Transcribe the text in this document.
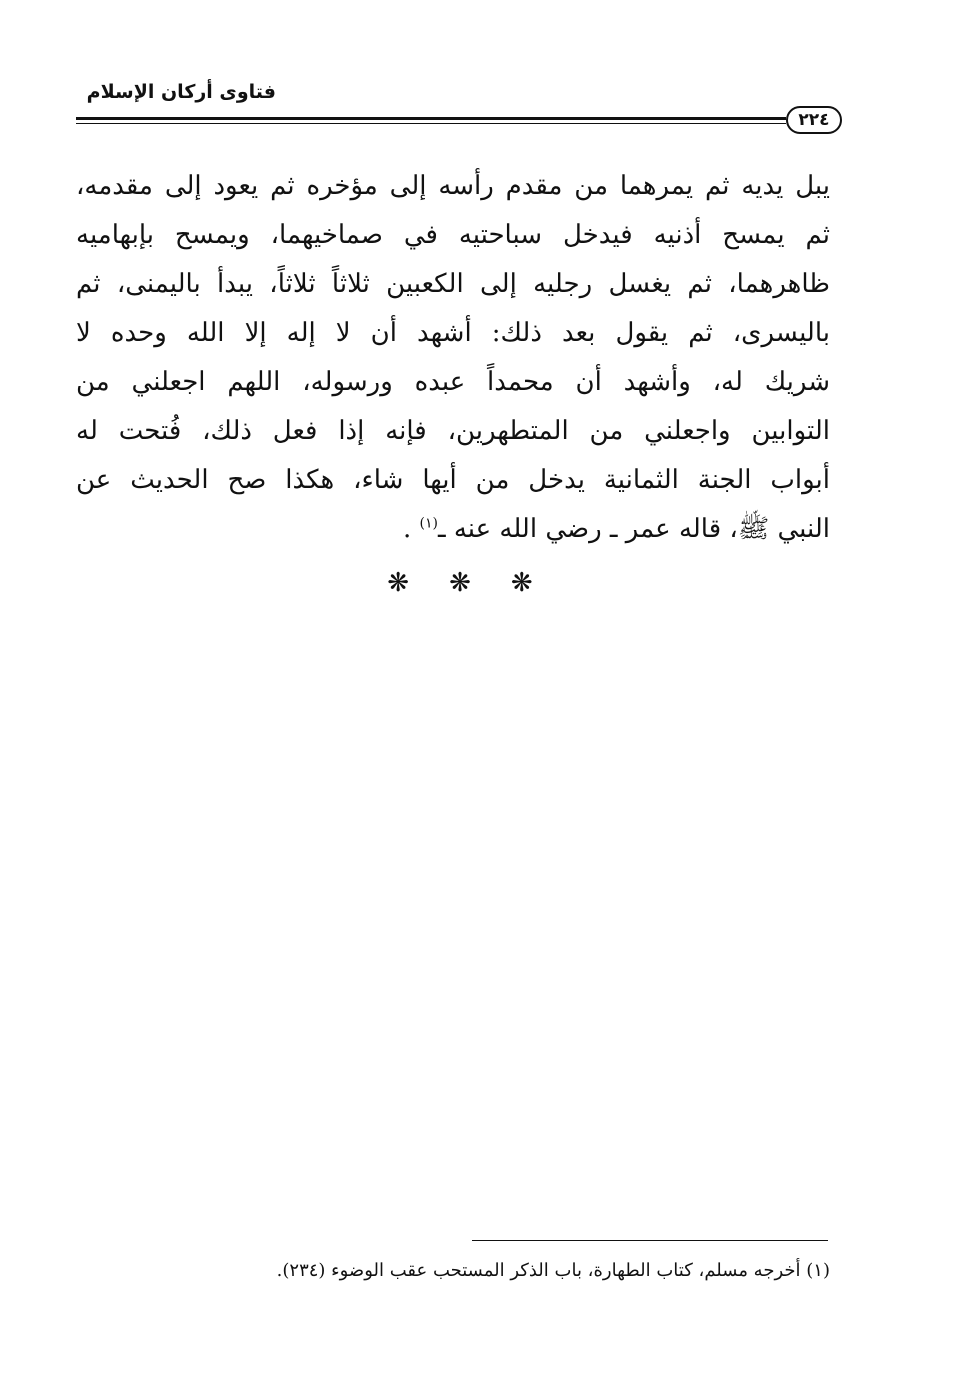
فتاوى أركان الإسلام
٢٢٤
يبل يديه ثم يمرهما من مقدم رأسه إلى مؤخره ثم يعود إلى مقدمه،
ثم يمسح أذنيه فيدخل سباحتيه في صماخيهما، ويمسح بإبهاميه
ظاهرهما، ثم يغسل رجليه إلى الكعبين ثلاثاً ثلاثاً، يبدأ باليمنى، ثم
باليسرى، ثم يقول بعد ذلك: أشهد أن لا إله إلا الله وحده لا
شريك له، وأشهد أن محمداً عبده ورسوله، اللهم اجعلني من
التوابين واجعلني من المتطهرين، فإنه إذا فعل ذلك، فُتحت له
أبواب الجنة الثمانية يدخل من أيها شاء، هكذا صح الحديث عن
النبي ﷺ، قاله عمر ـ رضي الله عنه ـ$^{(١)}$ .
❋ ❋ ❋
(١) أخرجه مسلم، كتاب الطهارة، باب الذكر المستحب عقب الوضوء (٢٣٤).
